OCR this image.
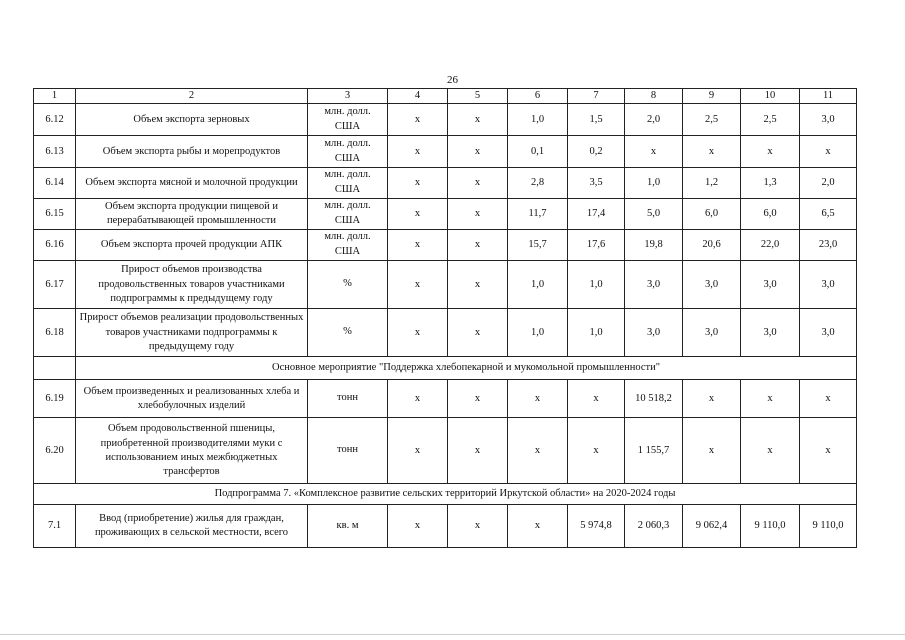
26
1	2	3	4	5	6	7	8	9	10	11
6.12	Объем экспорта зерновых	млн. долл. США	х	х	1,0	1,5	2,0	2,5	2,5	3,0
6.13	Объем экспорта рыбы и морепродуктов	млн. долл. США	х	х	0,1	0,2	х	х	х	х
6.14	Объем экспорта мясной и молочной продукции	млн. долл. США	х	х	2,8	3,5	1,0	1,2	1,3	2,0
6.15	Объем экспорта продукции пищевой и перерабатывающей промышленности	млн. долл. США	х	х	11,7	17,4	5,0	6,0	6,0	6,5
6.16	Объем экспорта прочей продукции АПК	млн. долл. США	х	х	15,7	17,6	19,8	20,6	22,0	23,0
6.17	Прирост объемов производства продовольственных товаров участниками подпрограммы к предыдущему году	%	х	х	1,0	1,0	3,0	3,0	3,0	3,0
6.18	Прирост объемов реализации продовольственных товаров участниками подпрограммы к предыдущему году	%	х	х	1,0	1,0	3,0	3,0	3,0	3,0
	Основное мероприятие "Поддержка хлебопекарной и мукомольной промышленности"									
6.19	Объем произведенных и реализованных хлеба и хлебобулочных изделий	тонн	х	х	х	х	10 518,2	х	х	х
6.20	Объем продовольственной пшеницы, приобретенной производителями муки с использованием иных межбюджетных трансфертов	тонн	х	х	х	х	1 155,7	х	х	х
Подпрограмма 7. «Комплексное развитие сельских территорий Иркутской области» на 2020-2024 годы										
7.1	Ввод (приобретение) жилья для граждан, проживающих в сельской местности, всего	кв. м	х	х	х	5 974,8	2 060,3	9 062,4	9 110,0	9 110,0
